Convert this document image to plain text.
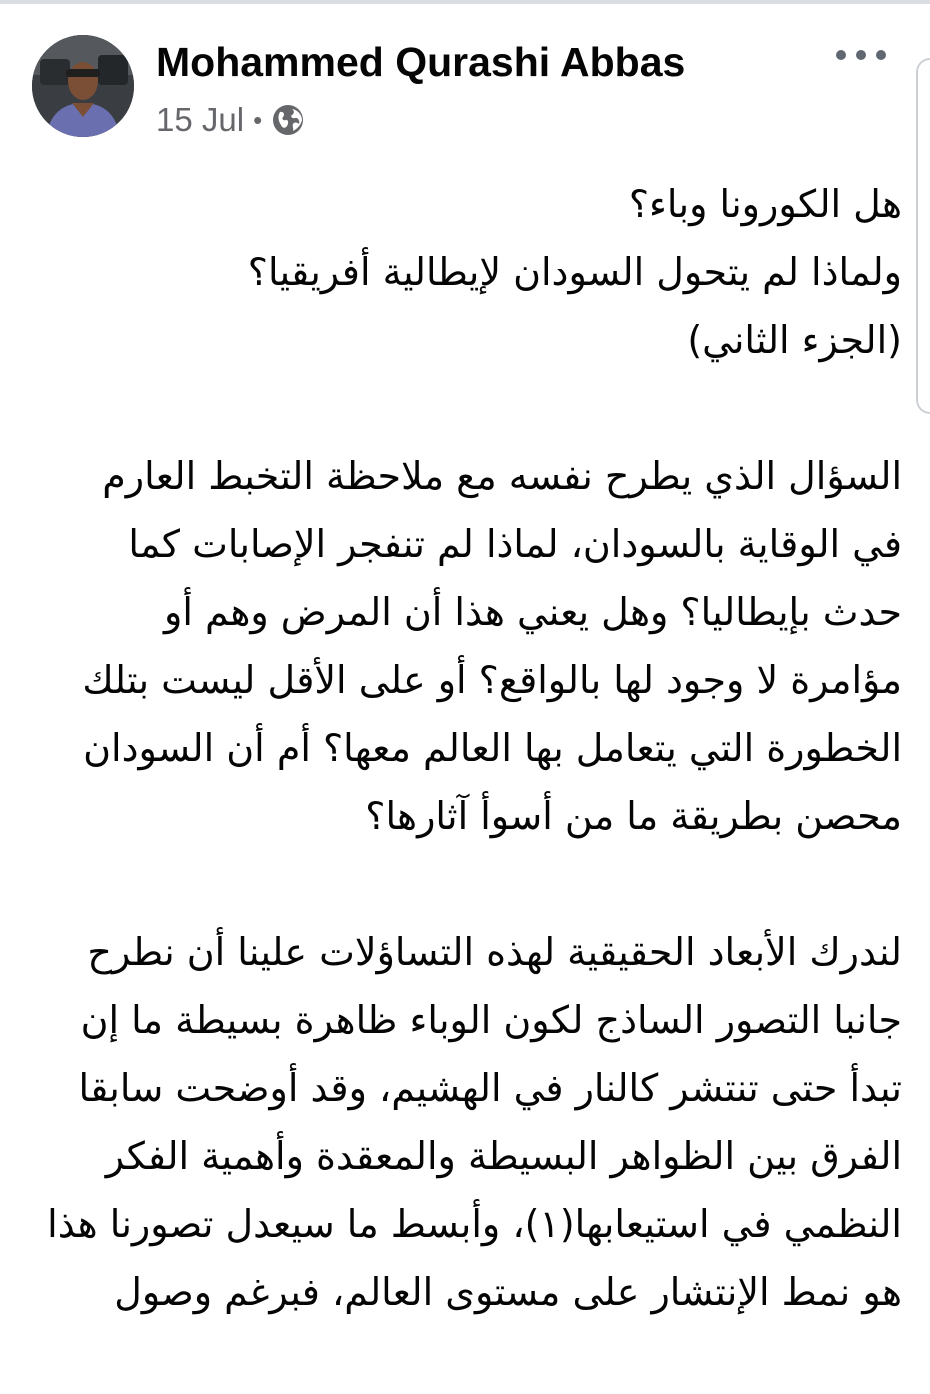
Mohammed Qurashi Abbas
15 Jul •
هل الكورونا وباء؟
ولماذا لم يتحول السودان لإيطالية أفريقيا؟
(الجزء الثاني)
السؤال الذي يطرح نفسه مع ملاحظة التخبط العارم
في الوقاية بالسودان، لماذا لم تنفجر الإصابات كما
حدث بإيطاليا؟ وهل يعني هذا أن المرض وهم أو
مؤامرة لا وجود لها بالواقع؟ أو على الأقل ليست بتلك
الخطورة التي يتعامل بها العالم معها؟ أم أن السودان
محصن بطريقة ما من أسوأ آثارها؟
لندرك الأبعاد الحقيقية لهذه التساؤلات علينا أن نطرح
جانبا التصور الساذج لكون الوباء ظاهرة بسيطة ما إن
تبدأ حتى تنتشر كالنار في الهشيم، وقد أوضحت سابقا
الفرق بين الظواهر البسيطة والمعقدة وأهمية الفكر
النظمي في استيعابها(١)، وأبسط ما سيعدل تصورنا هذا
هو نمط الإنتشار على مستوى العالم، فبرغم وصول
